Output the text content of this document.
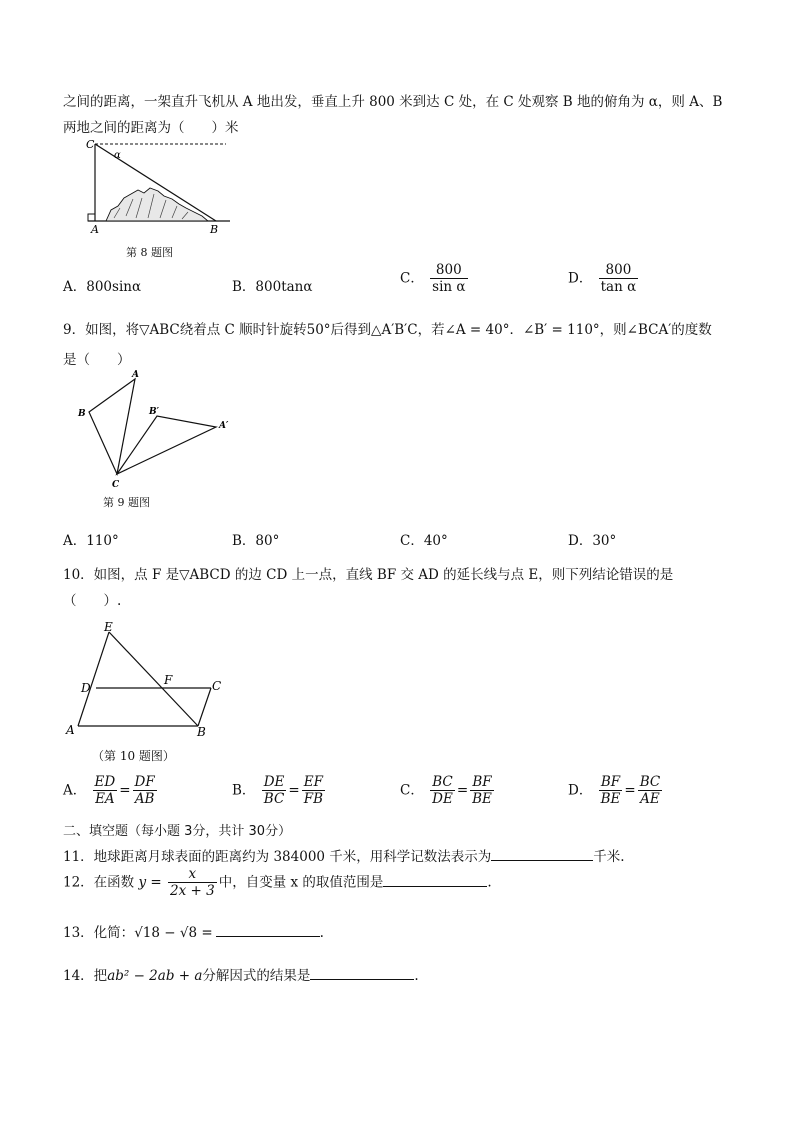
之间的距离，一架直升飞机从 A 地出发，垂直上升 800 米到达 C 处，在 C 处观察 B 地的俯角为 α，则 A、B
两地之间的距离为（　　）米
C
α
A	B
第 8 题图
A．800sinα	B．800tanα
C． $\frac{800}{\text{sin α}}$	D． $\frac{800}{\text{tan α}}$
9．如图，将▽ABC绕着点 C 顺时针旋转50°后得到△A′B′C，若∠A = 40°．∠B′ = 110°，则∠BCA′的度数
是（　　）
A
B	B′
A′
C
第 9 题图
A．110°	B．80°	C．40°	D．30°
10．如图，点 F 是▽ABCD 的边 CD 上一点，直线 BF 交 AD 的延长线与点 E，则下列结论错误的是
（　　）.
E
D
F	C
A	B
（第 10 题图）
A． $\frac{ED}{EA} = \frac{DF}{AB}$	B． $\frac{DE}{BC} = \frac{EF}{FB}$	C． $\frac{BC}{DE} = \frac{BF}{BE}$	D． $\frac{BF}{BE} = \frac{BC}{AE}$
二、填空题（每小题 3分，共计 30分）
11．地球距离月球表面的距离约为 384000 千米，用科学记数法表示为	千米.
12．在函数 $y = \frac{x}{2x + 3}$ 中，自变量 x 的取值范围是	.
13．化简：√18 − √8 =	.
14．把ab² − 2ab + a分解因式的结果是	.
